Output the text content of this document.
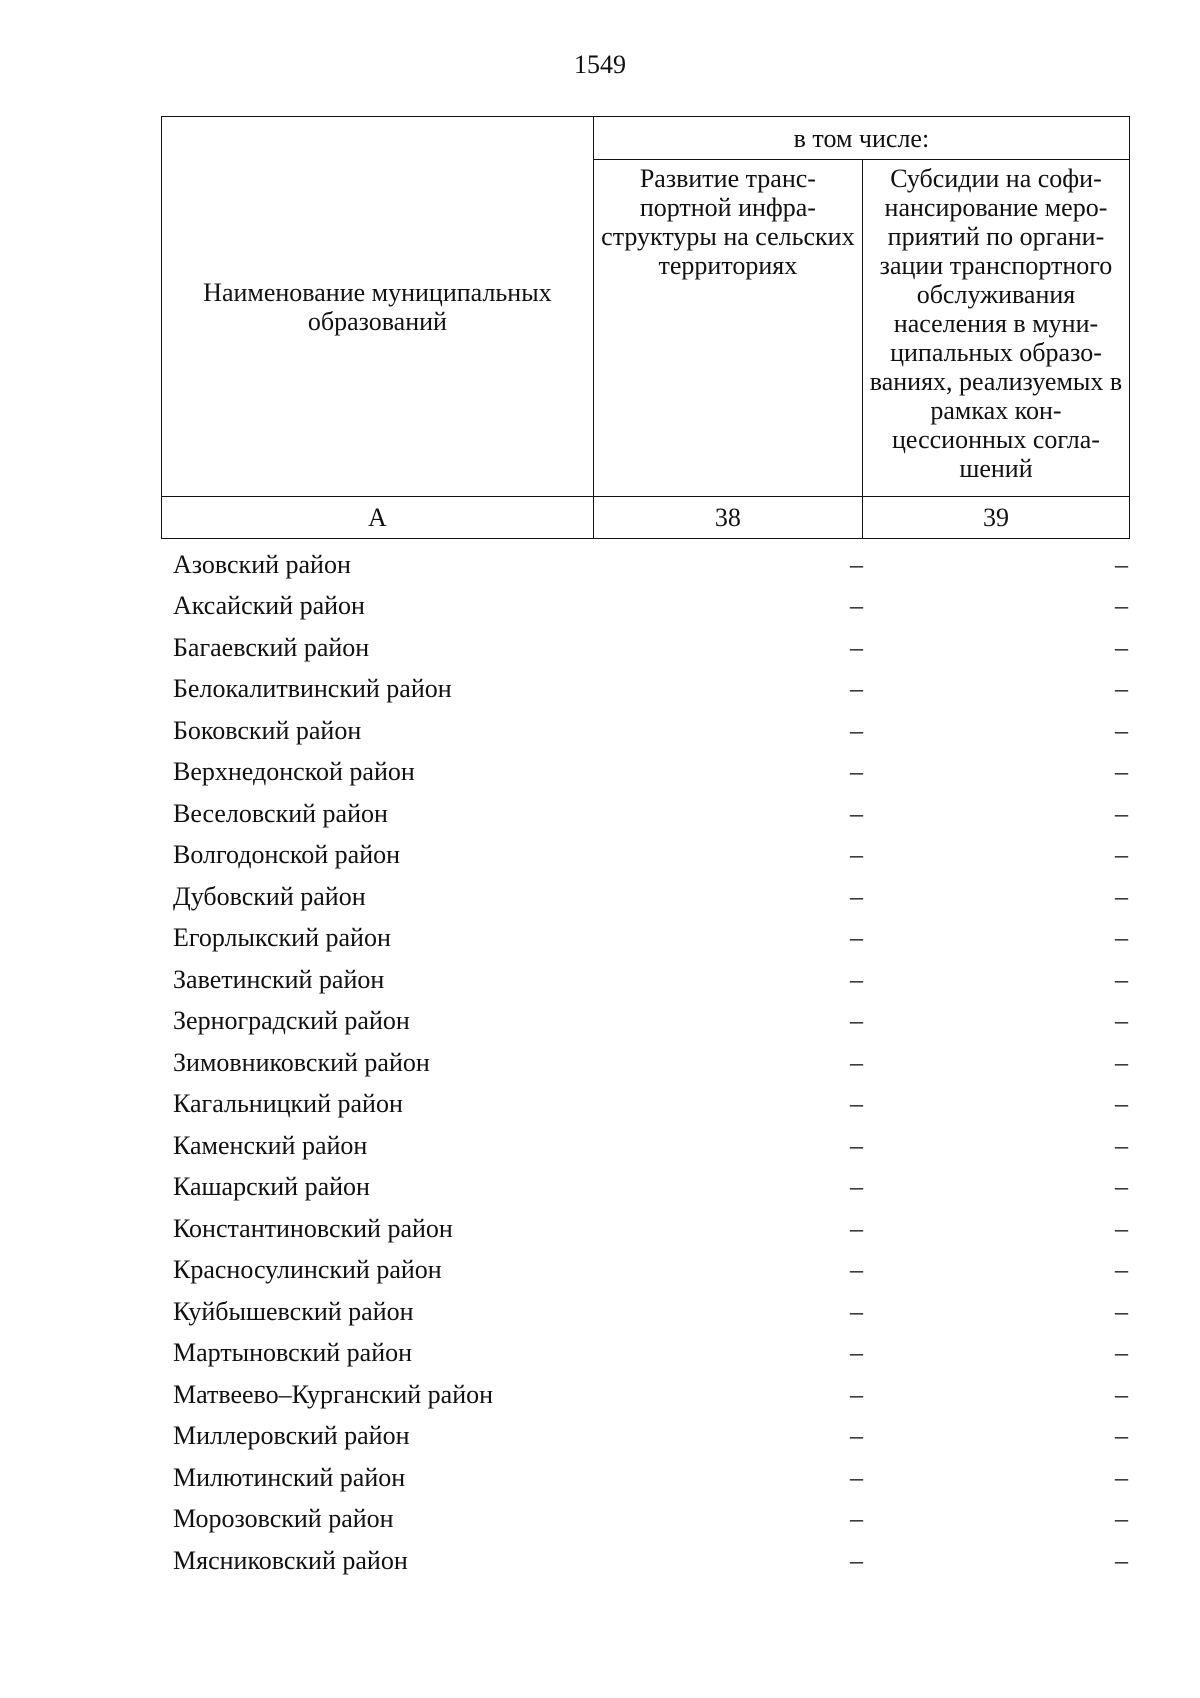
1549
Наименование муниципальных образований	в том числе:	
	Развитие транспортной инфраструктуры на сельских территориях	Субсидии на софинансирование мероприятий по организации транспортного обслуживания населения в муниципальных образованиях, реализуемых в рамках концессионных соглашений
А	38	39
Азовский район	–	–
Аксайский район	–	–
Багаевский район	–	–
Белокалитвинский район	–	–
Боковский район	–	–
Верхнедонской район	–	–
Веселовский район	–	–
Волгодонской район	–	–
Дубовский район	–	–
Егорлыкский район	–	–
Заветинский район	–	–
Зерноградский район	–	–
Зимовниковский район	–	–
Кагальницкий район	–	–
Каменский район	–	–
Кашарский район	–	–
Константиновский район	–	–
Красносулинский район	–	–
Куйбышевский район	–	–
Мартыновский район	–	–
Матвеево–Курганский район	–	–
Миллеровский район	–	–
Милютинский район	–	–
Морозовский район	–	–
Мясниковский район	–	–
